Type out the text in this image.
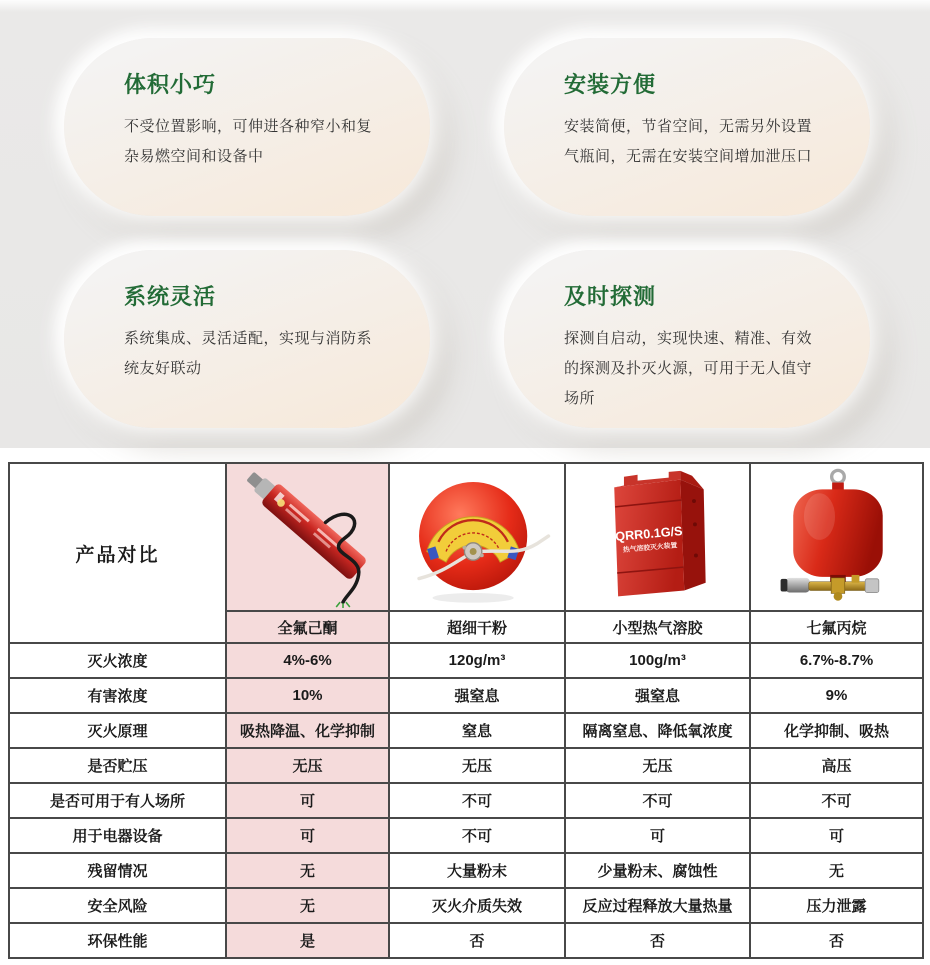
体积小巧

不受位置影响，可伸进各种窄小和复杂易燃空间和设备中

安装方便

安装简便，节省空间，无需另外设置气瓶间，无需在安装空间增加泄压口

系统灵活

系统集成、灵活适配，实现与消防系统友好联动

及时探测

探测自启动，实现快速、精准、有效的探测及扑灭火源，可用于无人值守场所

产品对比			QRR0.1G/S
热气溶胶灭火装置

	全氟己酮	超细干粉	小型热气溶胶	七氟丙烷
灭火浓度	4%-6%	120g/m³	100g/m³	6.7%-8.7%
有害浓度	10%	强窒息	强窒息	9%
灭火原理	吸热降温、化学抑制	窒息	隔离窒息、降低氧浓度	化学抑制、吸热
是否贮压	无压	无压	无压	高压
是否可用于有人场所	可	不可	不可	不可
用于电器设备	可	不可	可	可
残留情况	无	大量粉末	少量粉末、腐蚀性	无
安全风险	无	灭火介质失效	反应过程释放大量热量	压力泄露
环保性能	是	否	否	否
